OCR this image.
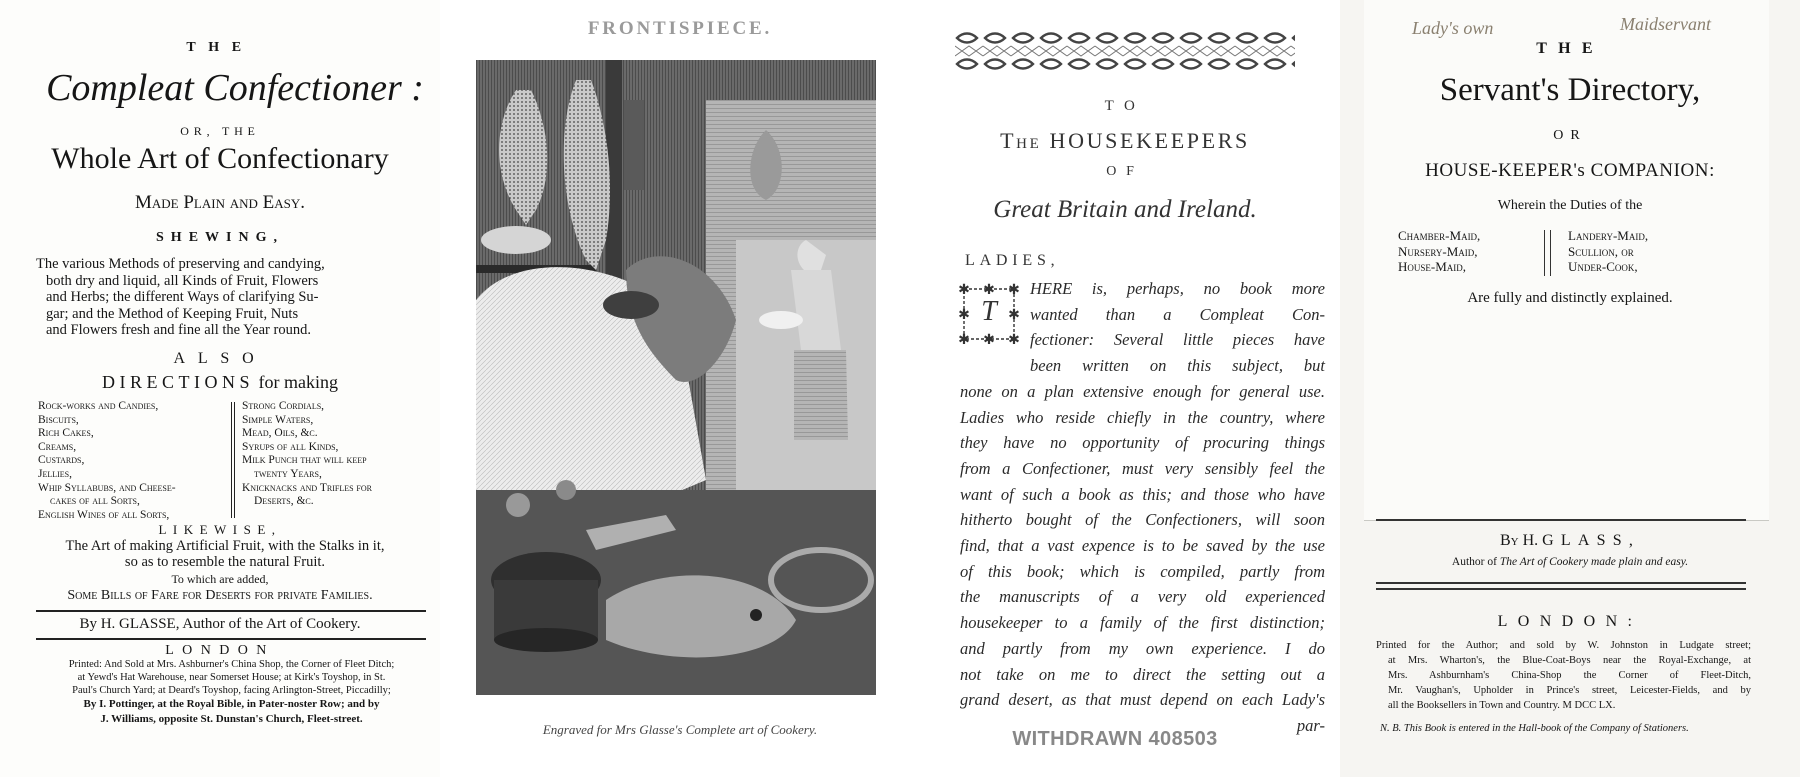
THE
Compleat Confectioner :
OR, THE
Whole Art of Confectionary
Made Plain and Easy.
SHEWING,
The various Methods of preserving and candying,
both dry and liquid, all Kinds of Fruit, Flowers
and Herbs; the different Ways of clarifying Su-
gar; and the Method of Keeping Fruit, Nuts
and Flowers fresh and fine all the Year round.
ALSO
DIRECTIONS for making
Rock-works and Candies,
Biscuits,
Rich Cakes,
Creams,
Custards,
Jellies,
Whip Syllabubs, and Cheese-
cakes of all Sorts,
English Wines of all Sorts,
Strong Cordials,
Simple Waters,
Mead, Oils, &c.
Syrups of all Kinds,
Milk Punch that will keep
twenty Years,
Knicknacks and Trifles for
Deserts, &c.
LIKEWISE,
The Art of making Artificial Fruit, with the Stalks in it,
so as to resemble the natural Fruit.
To which are added,
Some Bills of Fare for Deserts for private Families.
By H. GLASSE, Author of the Art of Cookery.
LONDON
Printed: And Sold at Mrs. Ashburner's China Shop, the Corner of Fleet Ditch;
at Yewd's Hat Warehouse, near Somerset House; at Kirk's Toyshop, in St.
Paul's Church Yard; at Deard's Toyshop, facing Arlington-Street, Piccadilly;
By I. Pottinger, at the Royal Bible, in Pater-noster Row; and by
J. Williams, opposite St. Dunstan's Church, Fleet-street.
FRONTISPIECE.
Engraved for Mrs Glasse's Complete art of Cookery.
TO
The HOUSEKEEPERS
OF
Great Britain and Ireland.
LADIES,
✱ ✱ ✱
✱	✱
✱ ✱ ✱
T
HERE is, perhaps, no book more
wanted than a Compleat Con-
fectioner: Several little pieces have
been written on this subject, but
none on a plan extensive enough for general use.
Ladies who reside chiefly in the country, where
they have no opportunity of procuring things
from a Confectioner, must very sensibly feel the
want of such a book as this; and those who have
hitherto bought of the Confectioners, will soon
find, that a vast expence is to be saved by the use
of this book; which is compiled, partly from
the manuscripts of a very old experienced
housekeeper to a family of the first distinction;
and partly from my own experience. I do
not take on me to direct the setting out a
grand desert, as that must depend on each Lady's
par-
WITHDRAWN 408503
Lady's own	Maidservant
THE
Servant's Directory,
OR
HOUSE-KEEPER's COMPANION:
Wherein the Duties of the
Chamber-Maid,
Nursery-Maid,
House-Maid,
Landery-Maid,
Scullion, or
Under-Cook,
Are fully and distinctly explained.
By H. GLASS,
Author of The Art of Cookery made plain and easy.
LONDON:
Printed for the Author; and sold by W. Johnston in Ludgate street;
at Mrs. Wharton's, the Blue-Coat-Boys near the Royal-Exchange, at
Mrs. Ashburnham's China-Shop the Corner of Fleet-Ditch,
Mr. Vaughan's, Upholder in Prince's street, Leicester-Fields, and by
all the Booksellers in Town and Country. M DCC LX.
N. B. This Book is entered in the Hall-book of the Company of Stationers.
